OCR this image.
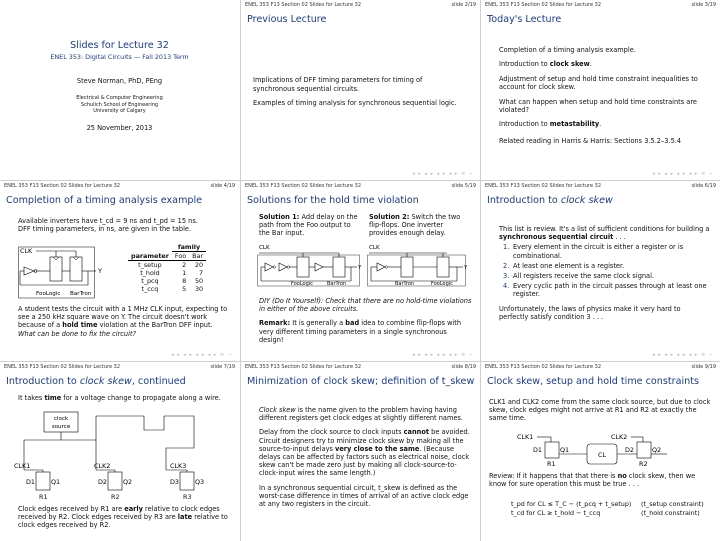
Slides for Lecture 32
ENEL 353: Digital Circuits — Fall 2013 Term
Steve Norman, PhD, PEng
Electrical & Computer Engineering
Schulich School of Engineering
University of Calgary
25 November, 2013
ENEL 353 F13 Section 02 Slides for Lecture 32	slide 2/19
Previous Lecture

Implications of DFF timing parameters for timing of synchronous sequential circuits.

Examples of timing analysis for synchronous sequential logic.

◂ ▸ ◂ ▸ ◂ ▸ ◂ ▸ ≡ ∽
ENEL 353 F13 Section 02 Slides for Lecture 32	slide 3/19
Today's Lecture

Completion of a timing analysis example.

Introduction to clock skew.

Adjustment of setup and hold time constraint inequalities to account for clock skew.

What can happen when setup and hold time constraints are violated?

Introduction to metastability.

Related reading in Harris & Harris: Sections 3.5.2–3.5.4

◂ ▸ ◂ ▸ ◂ ▸ ◂ ▸ ≡ ∽
ENEL 353 F13 Section 02 Slides for Lecture 32	slide 4/19
Completion of a timing analysis example
Available inverters have t_cd = 9 ns and t_pd = 15 ns.
DFF timing parameters, in ns, are given in the table.
CLK
Y
FooLogic BarTron
	family	
parameter	Foo	Bar
t_setup	2	20
t_hold	1	7
t_pcq	8	50
t_ccq	5	30
A student tests the circuit with a 1 MHz CLK input, expecting to see a 250 kHz square wave on Y. The circuit doesn't work because of a hold time violation at the BarTron DFF input.
What can be done to fix the circuit?
◂ ▸ ◂ ▸ ◂ ▸ ◂ ▸ ≡ ∽
ENEL 353 F13 Section 02 Slides for Lecture 32	slide 5/19
Solutions for the hold time violation
Solution 1: Add delay on the path from the Foo output to the Bar input.
Solution 2: Switch the two flip-flops. One inverter provides enough delay.
CLK
Y
FooLogic	BarTron
CLK
Y
BarTron	FooLogic

DIY (Do It Yourself): Check that there are no hold-time violations in either of the above circuits.

Remark: It is generally a bad idea to combine flip-flops with very different timing parameters in a single synchronous design!

◂ ▸ ◂ ▸ ◂ ▸ ◂ ▸ ≡ ∽
ENEL 353 F13 Section 02 Slides for Lecture 32	slide 6/19
Introduction to clock skew
This list is review. It's a list of sufficient conditions for building a synchronous sequential circuit . . .
1. Every element in the circuit is either a register or is combinational.
2. At least one element is a register.
3. All registers receive the same clock signal.
4. Every cyclic path in the circuit passes through at least one register.
Unfortunately, the laws of physics make it very hard to perfectly satisfy condition 3 . . .
◂ ▸ ◂ ▸ ◂ ▸ ◂ ▸ ≡ ∽
ENEL 353 F13 Section 02 Slides for Lecture 32	slide 7/19
Introduction to clock skew, continued
It takes time for a voltage change to propagate along a wire.
clock
source
CLK1	CLK2	CLK3
D1	Q1	D2	Q2	D3	Q3
R1	R2	R3
Clock edges received by R1 are early relative to clock edges received by R2. Clock edges received by R3 are late relative to clock edges received by R2.
ENEL 353 F13 Section 02 Slides for Lecture 32	slide 8/19
Minimization of clock skew; definition of t_skew

Clock skew is the name given to the problem having having different registers get clock edges at slightly different names.

Delay from the clock source to clock inputs cannot be avoided. Circuit designers try to minimize clock skew by making all the source-to-input delays very close to the same. (Because delays can be affected by factors such as electrical noise, clock skew can't be made zero just by making all clock-source-to-clock-input wires the same length.)

In a synchronous sequential circuit, t_skew is defined as the worst-case difference in times of arrival of an active clock edge at any two registers in the circuit.

ENEL 353 F13 Section 02 Slides for Lecture 32	slide 9/19
Clock skew, setup and hold time constraints
CLK1 and CLK2 come from the same clock source, but due to clock skew, clock edges might not arrive at R1 and R2 at exactly the same time.
CLK1	CLK2
D1	Q1
CL
D2	Q2
R1	R2
Review: If it happens that that there is no clock skew, then we know for sure operation this must be true . . .
t_pd for CL ≤ T_C − (t_pcq + t_setup)
t_cd for CL ≥ t_hold − t_ccq
(t_setup constraint)
(t_hold constraint)
